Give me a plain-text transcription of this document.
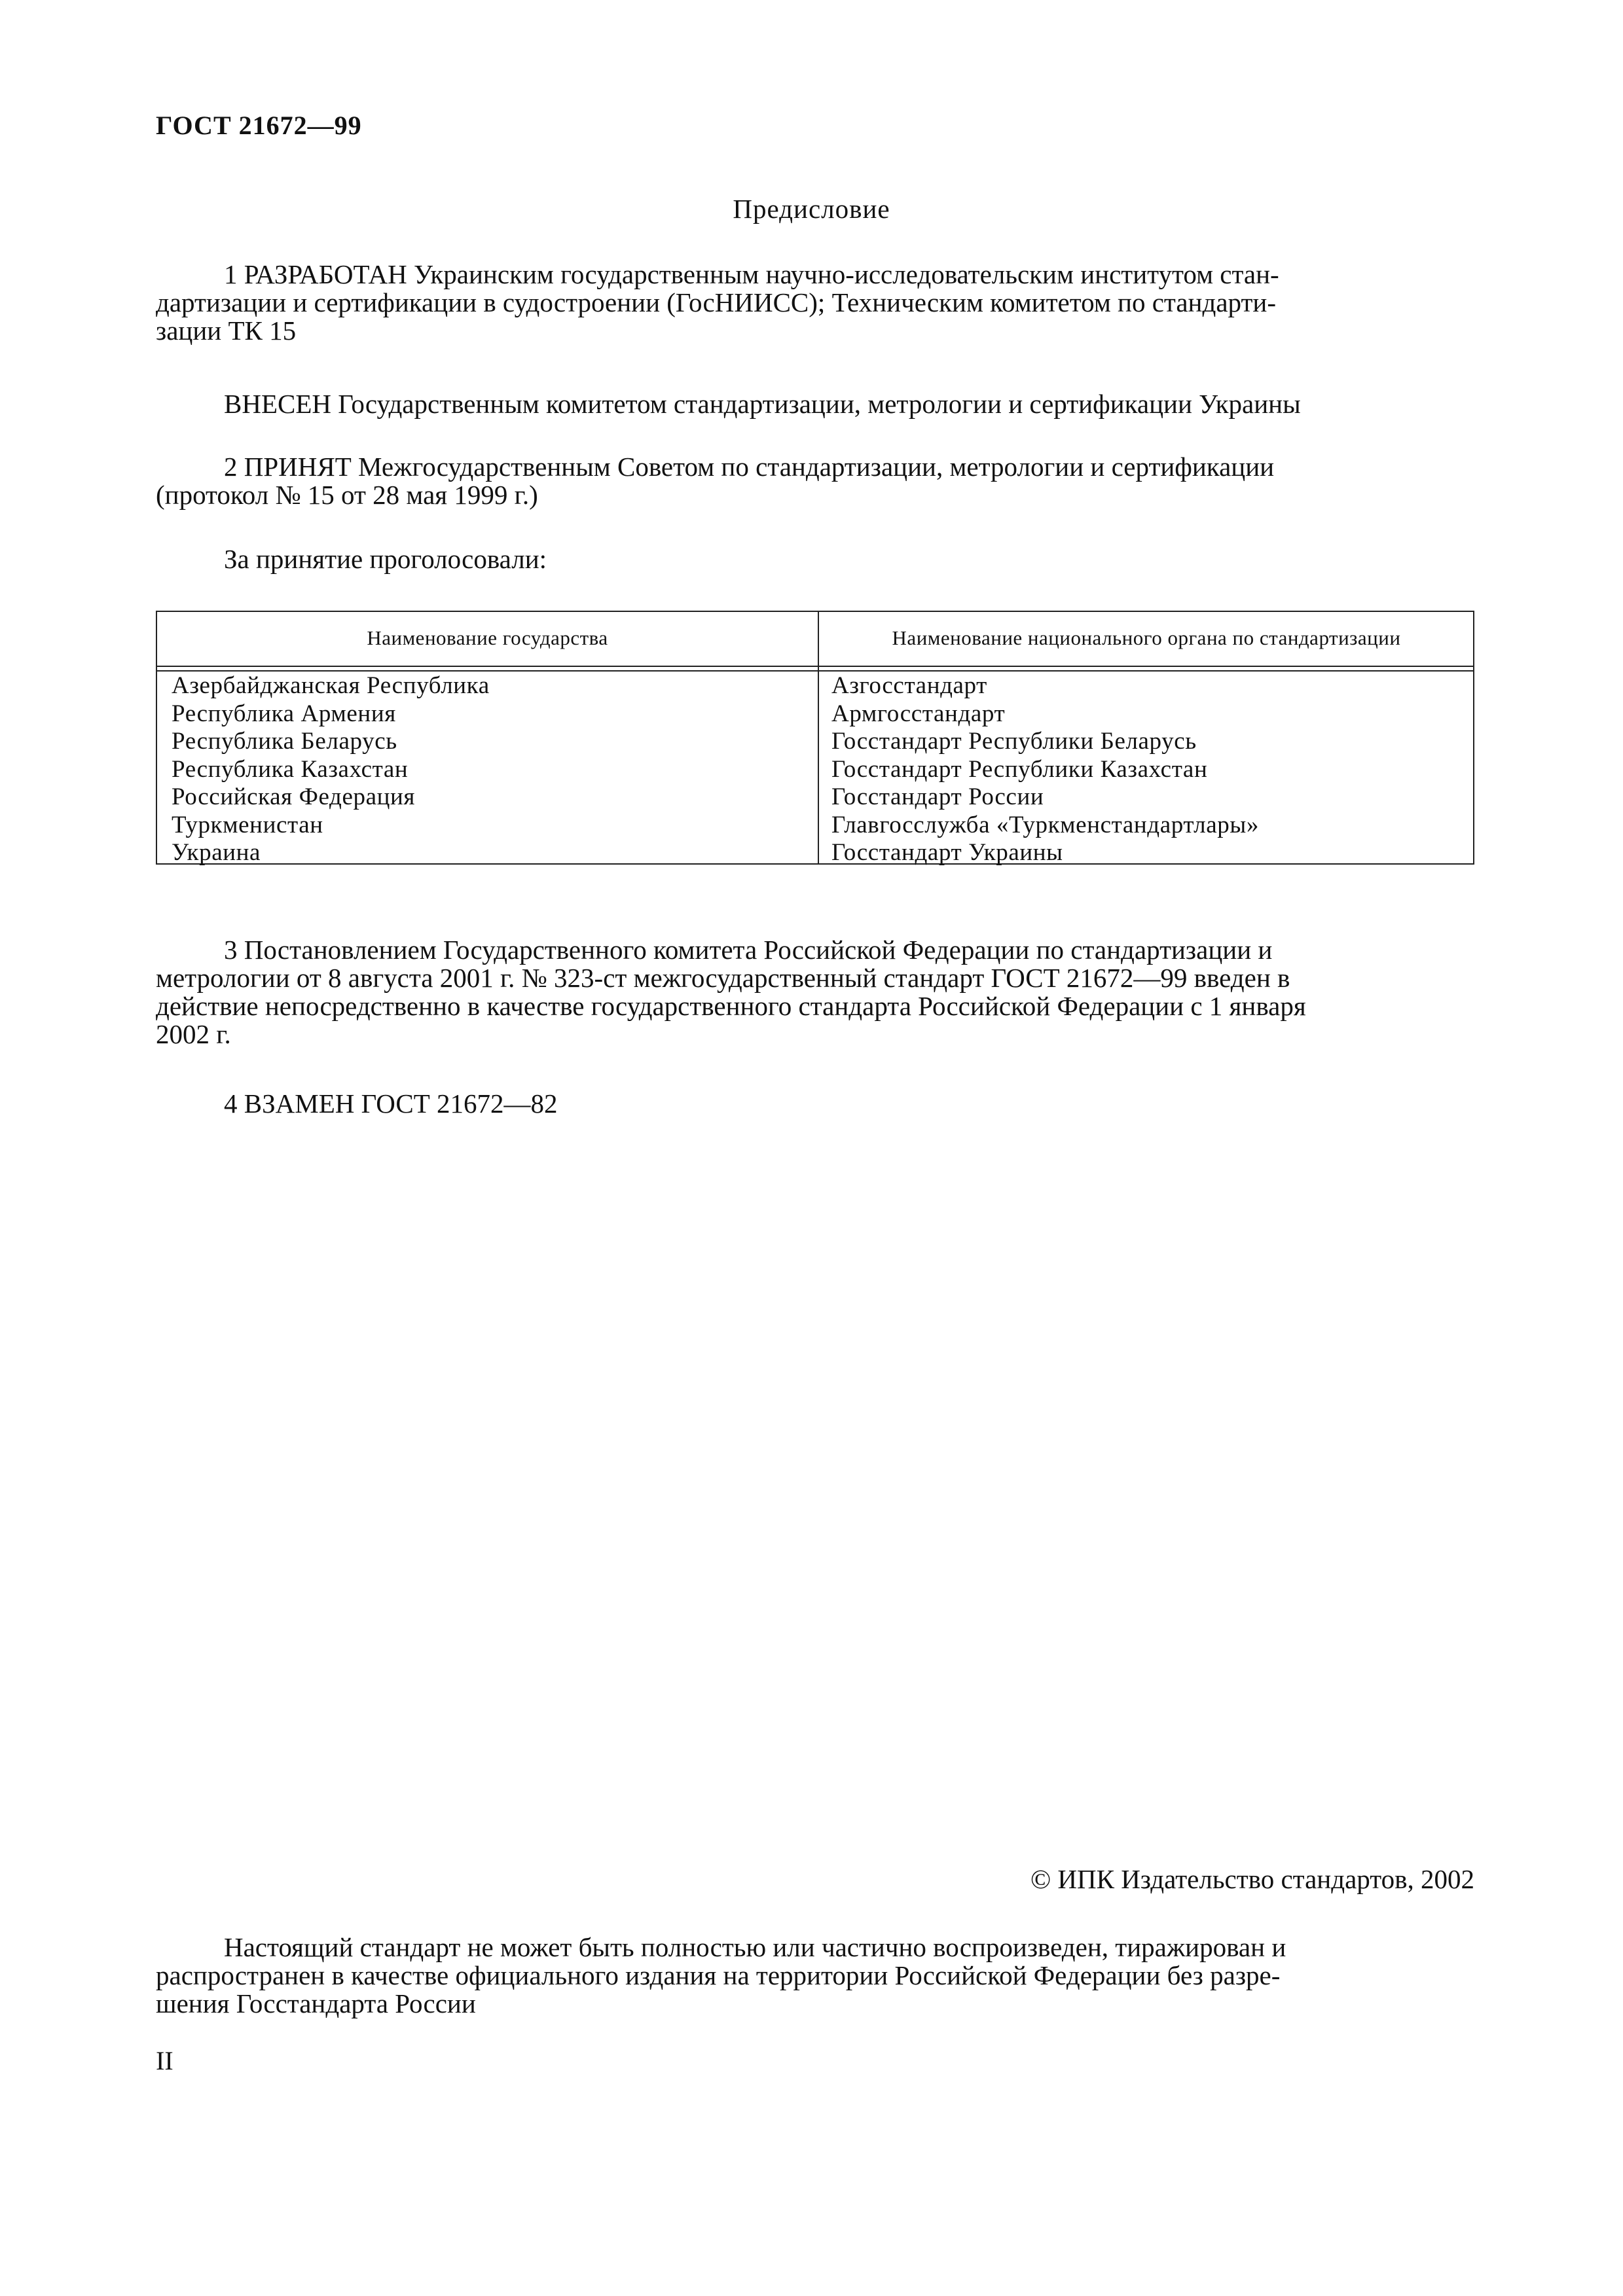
ГОСТ 21672—99
Предисловие
1 РАЗРАБОТАН Украинским государственным научно-исследовательским институтом стан-
дартизации и сертификации в судостроении (ГосНИИСС); Техническим комитетом по стандарти-
зации ТК 15
ВНЕСЕН Государственным комитетом стандартизации, метрологии и сертификации Украины
2 ПРИНЯТ Межгосударственным Советом по стандартизации, метрологии и сертификации
(протокол № 15 от 28 мая 1999 г.)
За принятие проголосовали:
Наименование государства	Наименование национального органа по стандартизации
Азербайджанская Республика
Республика Армения
Республика Беларусь
Республика Казахстан
Российская Федерация
Туркменистан
Украина
Азгосстандарт
Армгосстандарт
Госстандарт Республики Беларусь
Госстандарт Республики Казахстан
Госстандарт России
Главгосслужба «Туркменстандартлары»
Госстандарт Украины
3 Постановлением Государственного комитета Российской Федерации по стандартизации и
метрологии от 8 августа 2001 г. № 323-ст межгосударственный стандарт ГОСТ 21672—99 введен в
действие непосредственно в качестве государственного стандарта Российской Федерации с 1 января
2002 г.
4 ВЗАМЕН ГОСТ 21672—82
© ИПК Издательство стандартов, 2002
Настоящий стандарт не может быть полностью или частично воспроизведен, тиражирован и
распространен в качестве официального издания на территории Российской Федерации без разре-
шения Госстандарта России
II
